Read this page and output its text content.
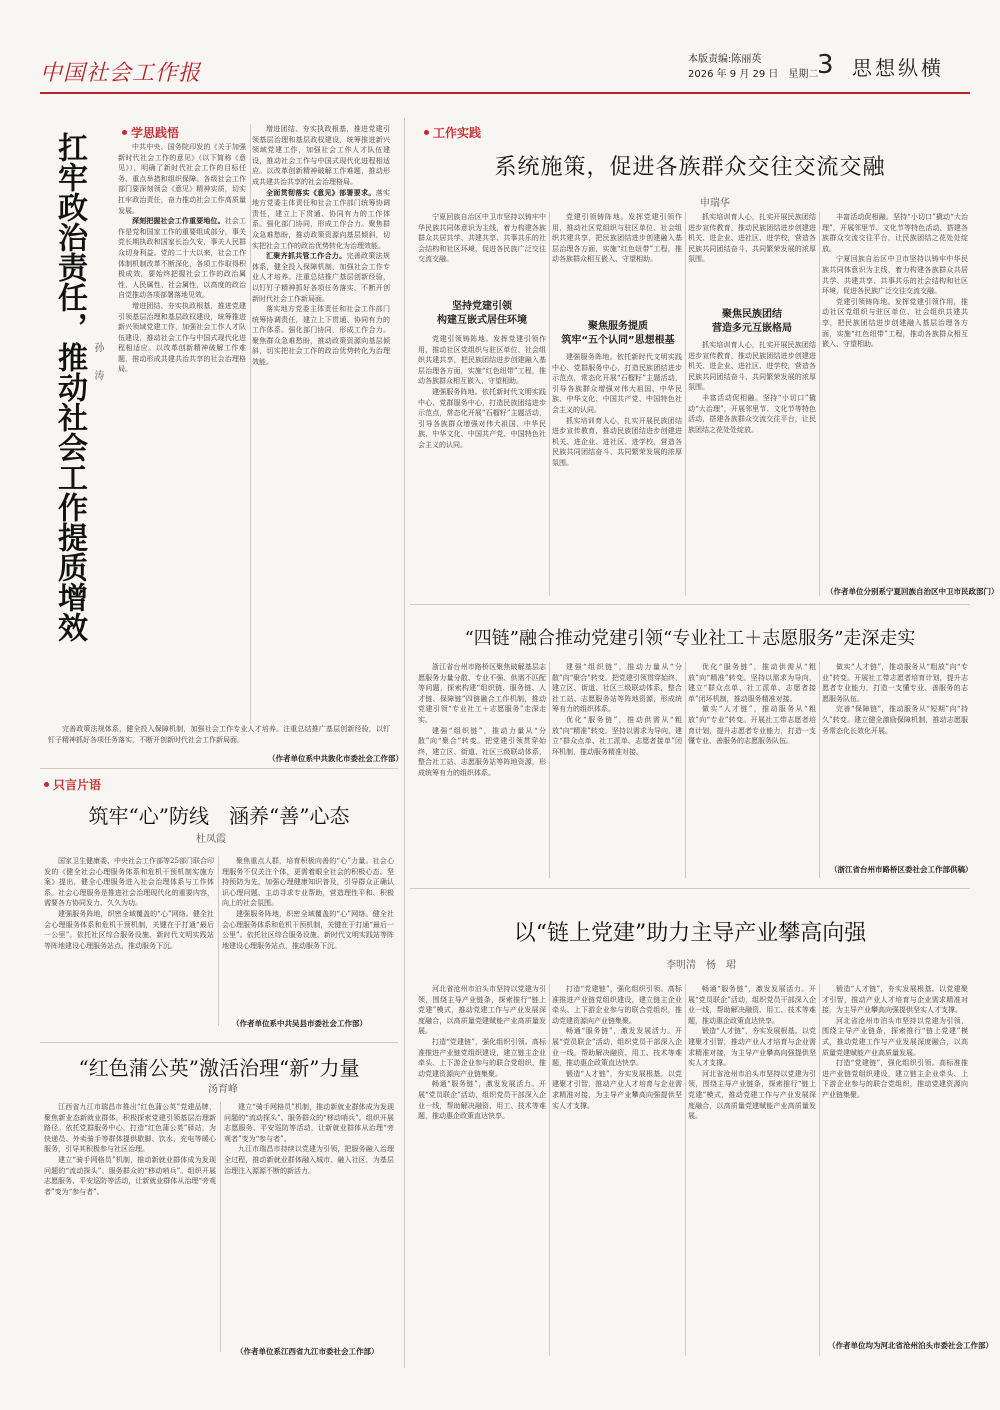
中国社会工作报
本版责编:陈丽英
2026 年 9 月 29 日　星期二
3 思想纵横
学思践悟
扛牢政治责任，推动社会工作提质增效 孙　涛

中共中央、国务院印发的《关于加强新时代社会工作的意见》（以下简称《意见》），明确了新时代社会工作的目标任务、重点举措和组织保障。各级社会工作部门要深刻领会《意见》精神实质，切实扛牢政治责任，奋力推动社会工作高质量发展。

深刻把握社会工作重要地位。社会工作是党和国家工作的重要组成部分，事关党长期执政和国家长治久安，事关人民群众切身利益。党的二十大以来，社会工作体制机制改革不断深化，各项工作取得积极成效，要始终把握社会工作的政治属性、人民属性、社会属性，以高度的政治自觉推动各项部署落地见效。

增进团结、夯实执政根基，推进党建引领基层治理和基层政权建设，统筹推进新兴领域党建工作，加强社会工作人才队伍建设，推动社会工作与中国式现代化进程相适应。以改革创新精神破解工作难题，推动形成共建共治共享的社会治理格局。

增进团结、夯实执政根基，推进党建引领基层治理和基层政权建设，统筹推进新兴领域党建工作，加强社会工作人才队伍建设，推动社会工作与中国式现代化进程相适应。以改革创新精神破解工作难题，推动形成共建共治共享的社会治理格局。

全面贯彻落实《意见》部署要求。落实地方党委主体责任和社会工作部门统筹协调责任，建立上下贯通、协同有力的工作体系。强化部门协同，形成工作合力。聚焦群众急难愁盼，推动政策资源向基层倾斜，切实把社会工作的政治优势转化为治理效能。

汇聚齐抓共管工作合力。完善政策法规体系，健全投入保障机制，加强社会工作专业人才培养。注重总结推广基层创新经验，以钉钉子精神抓好各项任务落实，不断开创新时代社会工作新局面。

落实地方党委主体责任和社会工作部门统筹协调责任，建立上下贯通、协同有力的工作体系。强化部门协同，形成工作合力。聚焦群众急难愁盼，推动政策资源向基层倾斜，切实把社会工作的政治优势转化为治理效能。

完善政策法规体系，健全投入保障机制，加强社会工作专业人才培养。注重总结推广基层创新经验，以钉钉子精神抓好各项任务落实，不断开创新时代社会工作新局面。

（作者单位系中共敦化市委社会工作部）
只言片语
筑牢“心”防线　涵养“善”心态
杜凤霞

国家卫生健康委、中央社会工作部等25部门联合印发的《健全社会心理服务体系和危机干预机制实施方案》提出，健全心理服务进入社会治理体系与工作体系。社会心理服务是推进社会治理现代化的重要内容，需要各方协同发力、久久为功。

建强服务阵地，织密全域覆盖的“心”网络。健全社会心理服务体系和危机干预机制，关键在于打通“最后一公里”。依托社区综合服务设施、新时代文明实践站等阵地建设心理服务站点，推动服务下沉。

聚焦重点人群，培育积极向善的“心”力量。社会心理服务不仅关注个体，更需着眼全社会的积极心态。坚持预防为先，加强心理健康知识普及，引导群众正确认识心理问题、主动寻求专业帮助，营造理性平和、积极向上的社会氛围。

建强服务阵地，织密全域覆盖的“心”网络。健全社会心理服务体系和危机干预机制，关键在于打通“最后一公里”。依托社区综合服务设施、新时代文明实践站等阵地建设心理服务站点，推动服务下沉。

（作者单位系中共吴县市委社会工作部）
“红色蒲公英”激活治理“新”力量
汤育峰

江西省九江市瑞昌市推出“红色蒲公英”党建品牌，聚焦新业态新就业群体，积极探索党建引领基层治理新路径。依托党群服务中心，打造“红色蒲公英”驿站，为快递员、外卖骑手等群体提供歇脚、饮水、充电等暖心服务，引导其积极参与社区治理。

建立“骑手网格员”机制，推动新就业群体成为发现问题的“流动探头”、服务群众的“移动哨兵”。组织开展志愿服务、平安巡防等活动，让新就业群体从治理“旁观者”变为“参与者”。

建立“骑手网格员”机制，推动新就业群体成为发现问题的“流动探头”、服务群众的“移动哨兵”。组织开展志愿服务、平安巡防等活动，让新就业群体从治理“旁观者”变为“参与者”。

九江市瑞昌市持续以党建为引领，把服务融入治理全过程，推动新就业群体融入城市、融入社区，为基层治理注入源源不断的新活力。

（作者单位系江西省九江市委社会工作部）
工作实践
系统施策，促进各族群众交往交流交融
申瑞华

宁夏回族自治区中卫市坚持以铸牢中华民族共同体意识为主线，着力构建各族群众共居共学、共建共享、共事共乐的社会结构和社区环境，促进各民族广泛交往交流交融。

坚持党建引领
构建互嵌式居住环境

党建引领铸阵地。发挥党建引领作用，推动社区党组织与驻区单位、社会组织共建共享，把民族团结进步创建融入基层治理各方面，实施“红色纽带”工程，推动各族群众相互嵌入、守望相助。

建强服务阵地。依托新时代文明实践中心、党群服务中心，打造民族团结进步示范点，常态化开展“石榴籽”主题活动，引导各族群众增强对伟大祖国、中华民族、中华文化、中国共产党、中国特色社会主义的认同。

党建引领铸阵地。发挥党建引领作用，推动社区党组织与驻区单位、社会组织共建共享，把民族团结进步创建融入基层治理各方面，实施“红色纽带”工程，推动各族群众相互嵌入、守望相助。

聚焦服务提质
筑牢“五个认同”思想根基

建强服务阵地。依托新时代文明实践中心、党群服务中心，打造民族团结进步示范点，常态化开展“石榴籽”主题活动，引导各族群众增强对伟大祖国、中华民族、中华文化、中国共产党、中国特色社会主义的认同。

抓实培训育人心，扎实开展民族团结进步宣传教育，推动民族团结进步创建进机关、进企业、进社区、进学校，营造各民族共同团结奋斗、共同繁荣发展的浓厚氛围。

抓实培训育人心，扎实开展民族团结进步宣传教育，推动民族团结进步创建进机关、进企业、进社区、进学校，营造各民族共同团结奋斗、共同繁荣发展的浓厚氛围。

聚焦民族团结
营造多元互嵌格局

抓实培训育人心，扎实开展民族团结进步宣传教育，推动民族团结进步创建进机关、进企业、进社区、进学校，营造各民族共同团结奋斗、共同繁荣发展的浓厚氛围。

丰富活动促相融。坚持“小切口”撬动“大治理”，开展邻里节、文化节等特色活动，搭建各族群众交流交往平台，让民族团结之花处处绽放。

丰富活动促相融。坚持“小切口”撬动“大治理”，开展邻里节、文化节等特色活动，搭建各族群众交流交往平台，让民族团结之花处处绽放。

宁夏回族自治区中卫市坚持以铸牢中华民族共同体意识为主线，着力构建各族群众共居共学、共建共享、共事共乐的社会结构和社区环境，促进各民族广泛交往交流交融。

党建引领铸阵地。发挥党建引领作用，推动社区党组织与驻区单位、社会组织共建共享，把民族团结进步创建融入基层治理各方面，实施“红色纽带”工程，推动各族群众相互嵌入、守望相助。

（作者单位分别系宁夏回族自治区中卫市民政部门）
“四链”融合推动党建引领“专业社工＋志愿服务”走深走实

浙江省台州市路桥区聚焦破解基层志愿服务力量分散、专业不强、供需不匹配等问题，探索构建“组织链、服务链、人才链、保障链”四链融合工作机制，推动党建引领“专业社工＋志愿服务”走深走实。

建强“组织链”，推动力量从“分散”向“聚合”转变。把党建引领贯穿始终，建立区、街道、社区三级联动体系，整合社工站、志愿服务站等阵地资源，形成统筹有力的组织体系。

建强“组织链”，推动力量从“分散”向“聚合”转变。把党建引领贯穿始终，建立区、街道、社区三级联动体系，整合社工站、志愿服务站等阵地资源，形成统筹有力的组织体系。

优化“服务链”，推动供需从“粗放”向“精准”转变。坚持以需求为导向，建立“群众点单、社工派单、志愿者接单”闭环机制，推动服务精准对接。

优化“服务链”，推动供需从“粗放”向“精准”转变。坚持以需求为导向，建立“群众点单、社工派单、志愿者接单”闭环机制，推动服务精准对接。

做实“人才链”，推动服务从“粗放”向“专业”转变。开展社工带志愿者培育计划，提升志愿者专业能力，打造一支懂专业、善服务的志愿服务队伍。

做实“人才链”，推动服务从“粗放”向“专业”转变。开展社工带志愿者培育计划，提升志愿者专业能力，打造一支懂专业、善服务的志愿服务队伍。

完善“保障链”，推动服务从“短期”向“持久”转变。建立健全激励保障机制，推动志愿服务常态化长效化开展。

（浙江省台州市路桥区委社会工作部供稿）
以“链上党建”助力主导产业攀高向强
李明清　杨　珺

河北省沧州市泊头市坚持以党建为引领，围绕主导产业链条，探索推行“链上党建”模式，推动党建工作与产业发展深度融合，以高质量党建赋能产业高质量发展。

打造“党建链”，强化组织引领。高标准推进产业链党组织建设，建立链主企业牵头、上下游企业参与的联合党组织，推动党建资源向产业链集聚。

畅通“服务链”，激发发展活力。开展“党员联企”活动，组织党员干部深入企业一线，帮助解决融资、用工、技术等难题，推动惠企政策直达快享。

打造“党建链”，强化组织引领。高标准推进产业链党组织建设，建立链主企业牵头、上下游企业参与的联合党组织，推动党建资源向产业链集聚。

畅通“服务链”，激发发展活力。开展“党员联企”活动，组织党员干部深入企业一线，帮助解决融资、用工、技术等难题，推动惠企政策直达快享。

锻造“人才链”，夯实发展根基。以党建聚才引智，推动产业人才培育与企业需求精准对接，为主导产业攀高向强提供坚实人才支撑。

畅通“服务链”，激发发展活力。开展“党员联企”活动，组织党员干部深入企业一线，帮助解决融资、用工、技术等难题，推动惠企政策直达快享。

锻造“人才链”，夯实发展根基。以党建聚才引智，推动产业人才培育与企业需求精准对接，为主导产业攀高向强提供坚实人才支撑。

河北省沧州市泊头市坚持以党建为引领，围绕主导产业链条，探索推行“链上党建”模式，推动党建工作与产业发展深度融合，以高质量党建赋能产业高质量发展。

锻造“人才链”，夯实发展根基。以党建聚才引智，推动产业人才培育与企业需求精准对接，为主导产业攀高向强提供坚实人才支撑。

河北省沧州市泊头市坚持以党建为引领，围绕主导产业链条，探索推行“链上党建”模式，推动党建工作与产业发展深度融合，以高质量党建赋能产业高质量发展。

打造“党建链”，强化组织引领。高标准推进产业链党组织建设，建立链主企业牵头、上下游企业参与的联合党组织，推动党建资源向产业链集聚。

（作者单位均为河北省沧州泊头市委社会工作部）
